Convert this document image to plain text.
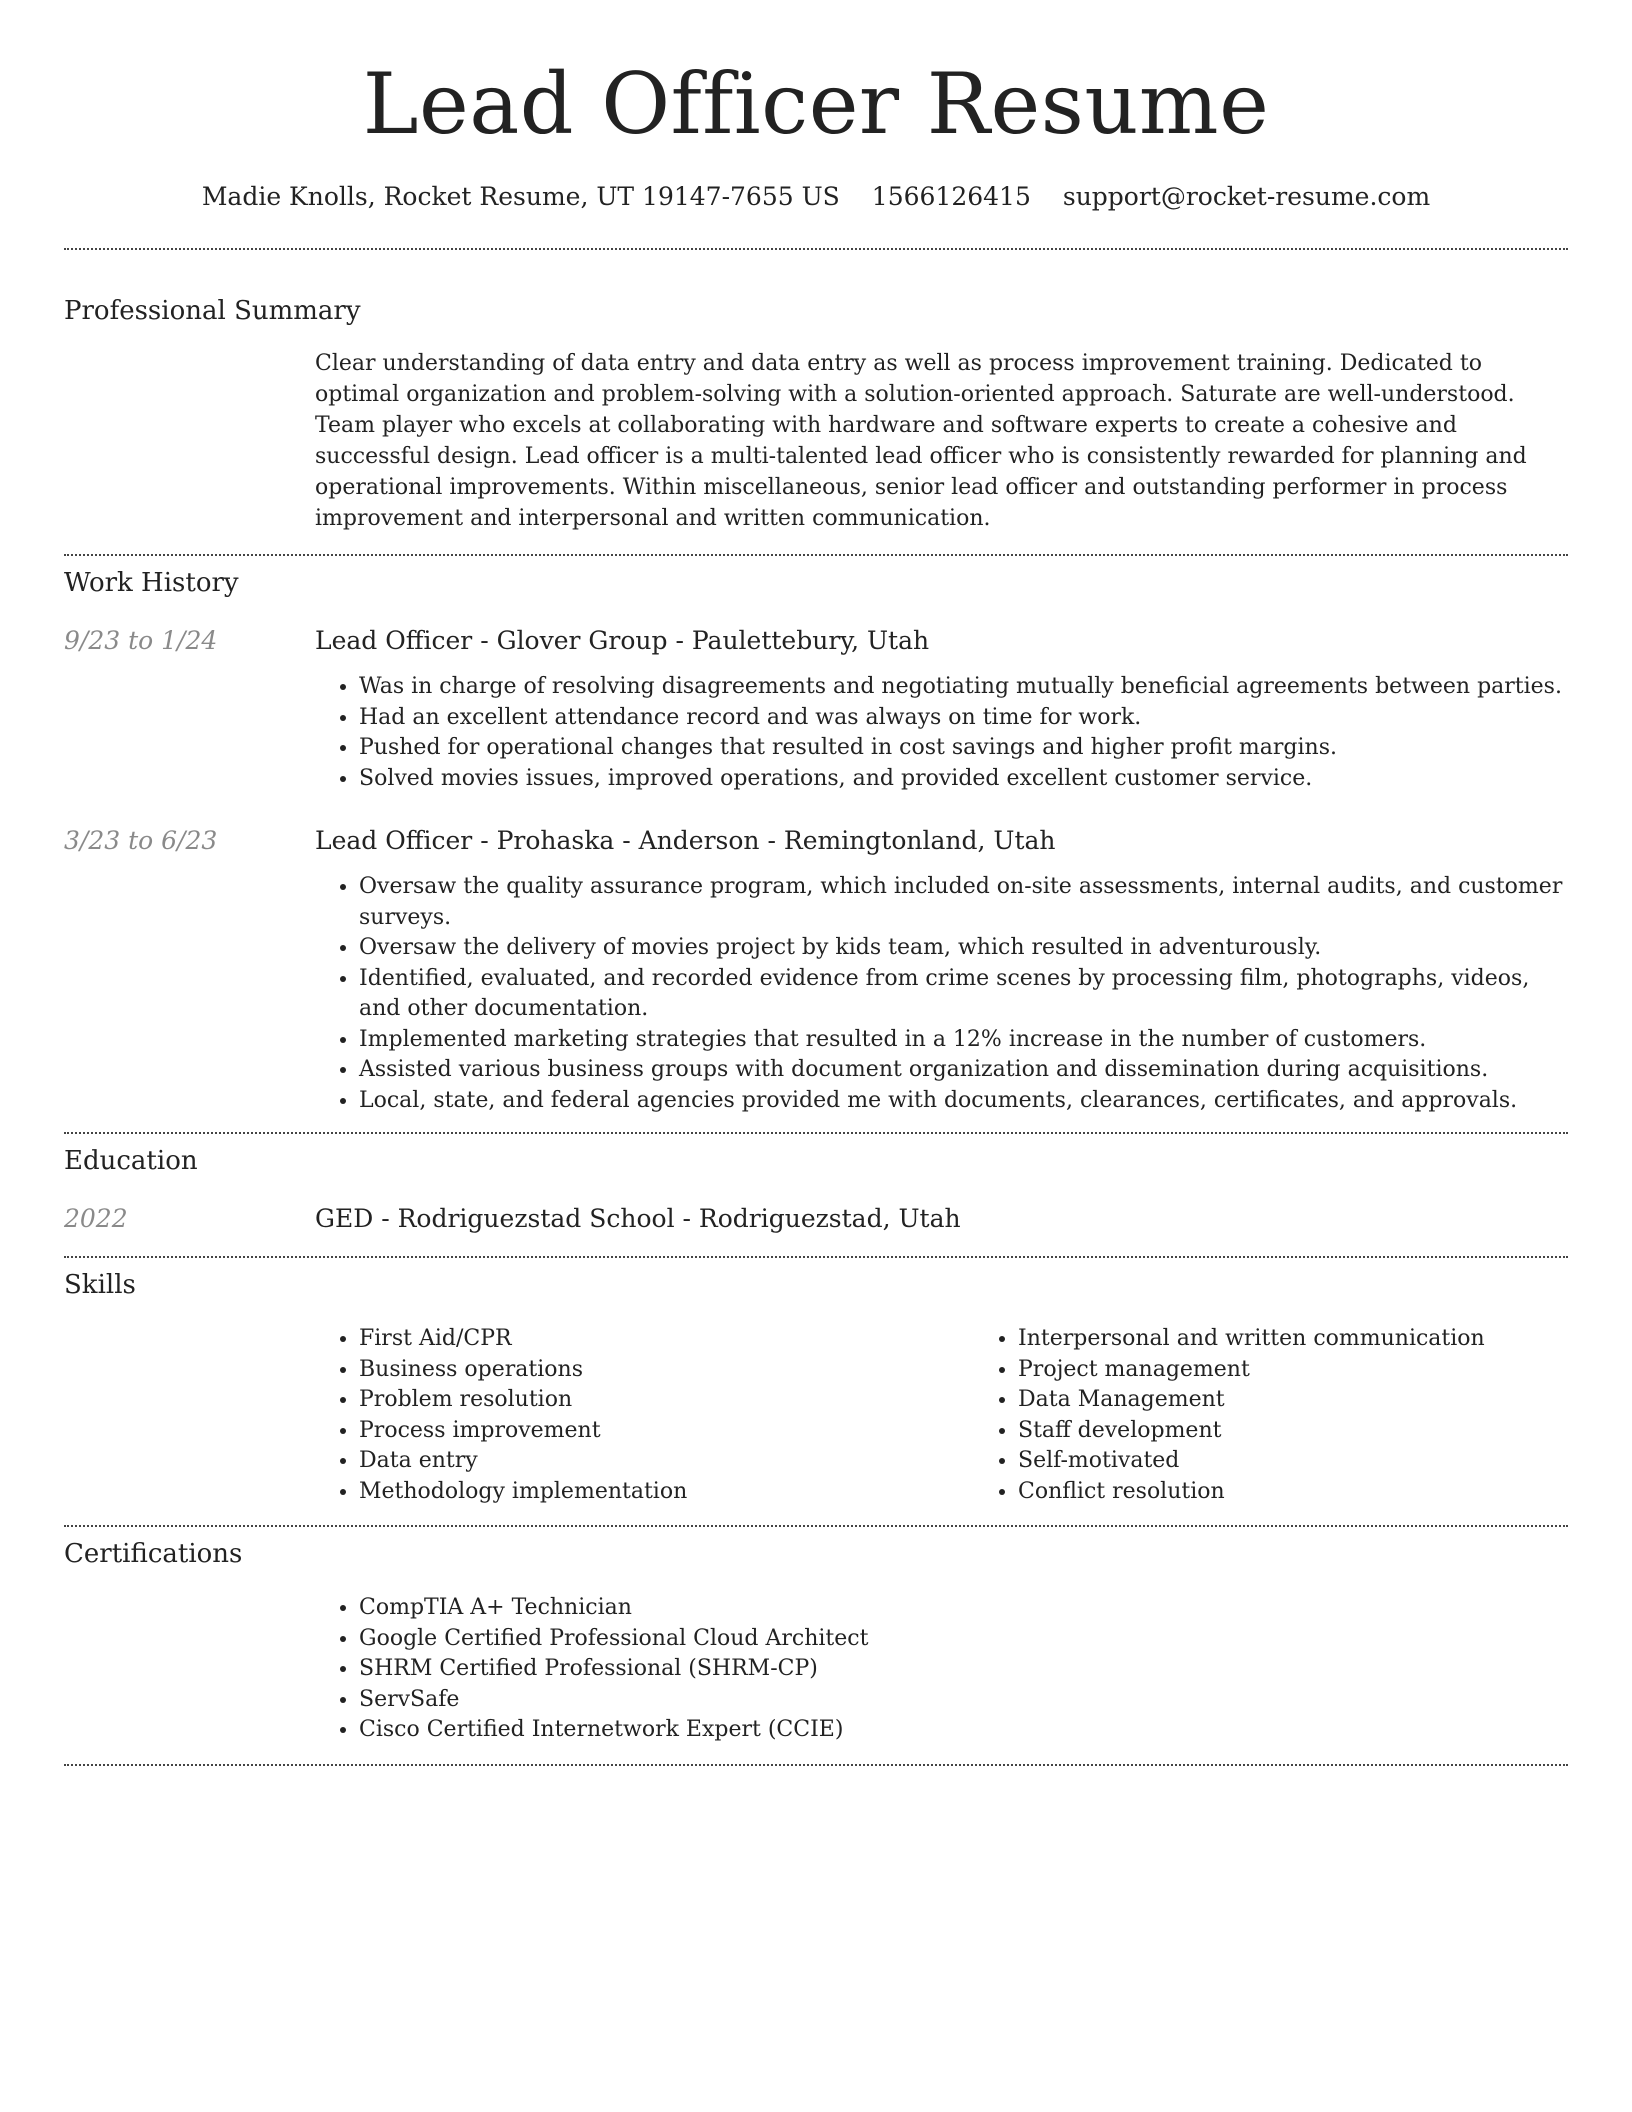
Lead Officer Resume
Madie Knolls, Rocket Resume, UT 19147-7655 US 1566126415 support@rocket-resume.com
Professional Summary

Clear understanding of data entry and data entry as well as process improvement training. Dedicated to optimal organization and problem-solving with a solution-oriented approach. Saturate are well-understood. Team player who excels at collaborating with hardware and software experts to create a cohesive and successful design. Lead officer is a multi-talented lead officer who is consistently rewarded for planning and operational improvements. Within miscellaneous, senior lead officer and outstanding performer in process improvement and interpersonal and written communication.

Work History
9/23 to 1/24	Lead Officer - Glover Group - Paulettebury, Utah

• Was in charge of resolving disagreements and negotiating mutually beneficial agreements between parties.
• Had an excellent attendance record and was always on time for work.
• Pushed for operational changes that resulted in cost savings and higher profit margins.
• Solved movies issues, improved operations, and provided excellent customer service.
3/23 to 6/23	Lead Officer - Prohaska - Anderson - Remingtonland, Utah

• Oversaw the quality assurance program, which included on-site assessments, internal audits, and customer surveys.
• Oversaw the delivery of movies project by kids team, which resulted in adventurously.
• Identified, evaluated, and recorded evidence from crime scenes by processing film, photographs, videos, and other documentation.
• Implemented marketing strategies that resulted in a 12% increase in the number of customers.
• Assisted various business groups with document organization and dissemination during acquisitions.
• Local, state, and federal agencies provided me with documents, clearances, certificates, and approvals.
Education
2022	GED - Rodriguezstad School - Rodriguezstad, Utah

Skills
• First Aid/CPR
• Business operations
• Problem resolution
• Process improvement
• Data entry
• Methodology implementation
• Interpersonal and written communication
• Project management
• Data Management
• Staff development
• Self-motivated
• Conflict resolution
Certifications
• CompTIA A+ Technician
• Google Certified Professional Cloud Architect
• SHRM Certified Professional (SHRM-CP)
• ServSafe
• Cisco Certified Internetwork Expert (CCIE)
